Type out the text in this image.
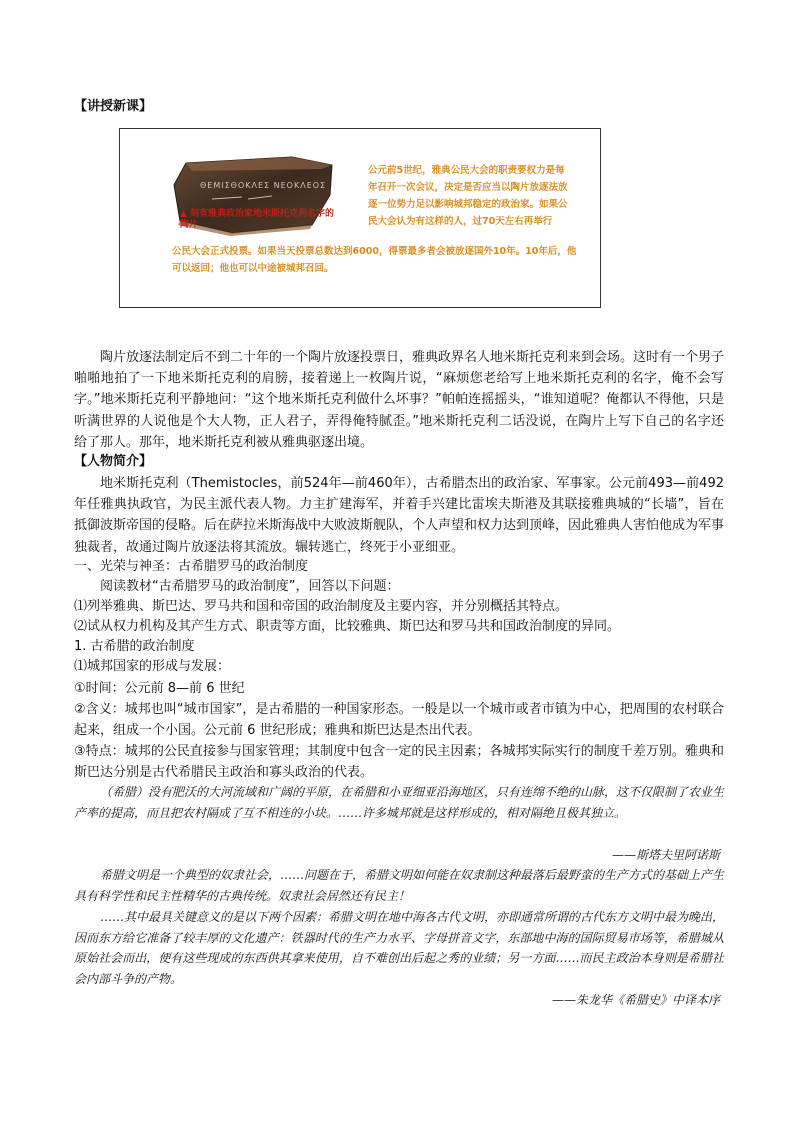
【讲授新课】
ΘΕΜΙΣΘΟΚΛΕΣ ΝΕΟΚΛΕΟΣ
▲ 刻有雅典政治家地米斯托克利名字的陶片
公元前5世纪，雅典公民大会的职责要权力是每年召开一次会议，决定是否应当以陶片放逐法放逐一位势力足以影响城邦稳定的政治家。如果公民大会认为有这样的人，过70天左右再举行
公民大会正式投票。如果当天投票总数达到6000，得票最多者会被放逐国外10年。10年后，他可以返回；他也可以中途被城邦召回。
陶片放逐法制定后不到二十年的一个陶片放逐投票日，雅典政界名人地米斯托克利来到会场。这时有一个男子啪啪地拍了一下地米斯托克利的肩膀，接着递上一枚陶片说，“麻烦您老给写上地米斯托克利的名字，俺不会写字。”地米斯托克利平静地问：“这个地米斯托克利做什么坏事？”帕帕连摇摇头，“谁知道呢？俺都认不得他，只是听满世界的人说他是个大人物，正人君子，弄得俺特腻歪。”地米斯托克利二话没说，在陶片上写下自己的名字还给了那人。那年，地米斯托克利被从雅典驱逐出境。
【人物简介】
地米斯托克利（Themistocles，前524年—前460年），古希腊杰出的政治家、军事家。公元前493—前492年任雅典执政官，为民主派代表人物。力主扩建海军，并着手兴建比雷埃夫斯港及其联接雅典城的“长墙”，旨在抵御波斯帝国的侵略。后在萨拉米斯海战中大败波斯舰队，个人声望和权力达到顶峰，因此雅典人害怕他成为军事独裁者，故通过陶片放逐法将其流放。辗转逃亡，终死于小亚细亚。
一、光荣与神圣：古希腊罗马的政治制度
阅读教材“古希腊罗马的政治制度”，回答以下问题：
⑴列举雅典、斯巴达、罗马共和国和帝国的政治制度及主要内容，并分别概括其特点。
⑵试从权力机构及其产生方式、职责等方面，比较雅典、斯巴达和罗马共和国政治制度的异同。
1. 古希腊的政治制度
⑴城邦国家的形成与发展：
①时间：公元前 8—前 6 世纪
②含义：城邦也叫“城市国家”，是古希腊的一种国家形态。一般是以一个城市或者市镇为中心，把周围的农村联合起来，组成一个小国。公元前 6 世纪形成；雅典和斯巴达是杰出代表。
③特点：城邦的公民直接参与国家管理；其制度中包含一定的民主因素；各城邦实际实行的制度千差万别。雅典和斯巴达分别是古代希腊民主政治和寡头政治的代表。
（希腊）没有肥沃的大河流域和广阔的平原，在希腊和小亚细亚沿海地区，只有连绵不绝的山脉，这不仅限制了农业生产率的提高，而且把农村隔成了互不相连的小块。……许多城邦就是这样形成的，相对隔绝且极其独立。
——斯塔夫里阿诺斯
希腊文明是一个典型的奴隶社会，……问题在于，希腊文明如何能在奴隶制这种最落后最野蛮的生产方式的基础上产生具有科学性和民主性精华的古典传统。奴隶社会居然还有民主！
……其中最具关键意义的是以下两个因素：希腊文明在地中海各古代文明，亦即通常所谓的古代东方文明中最为晚出，因而东方给它准备了较丰厚的文化遗产：铁器时代的生产力水平、字母拼音文字，东部地中海的国际贸易市场等，希腊城从原始社会而出，便有这些现成的东西供其拿来使用，自不难创出后起之秀的业绩；另一方面……而民主政治本身则是希腊社会内部斗争的产物。
——朱龙华《希腊史》中译本序
